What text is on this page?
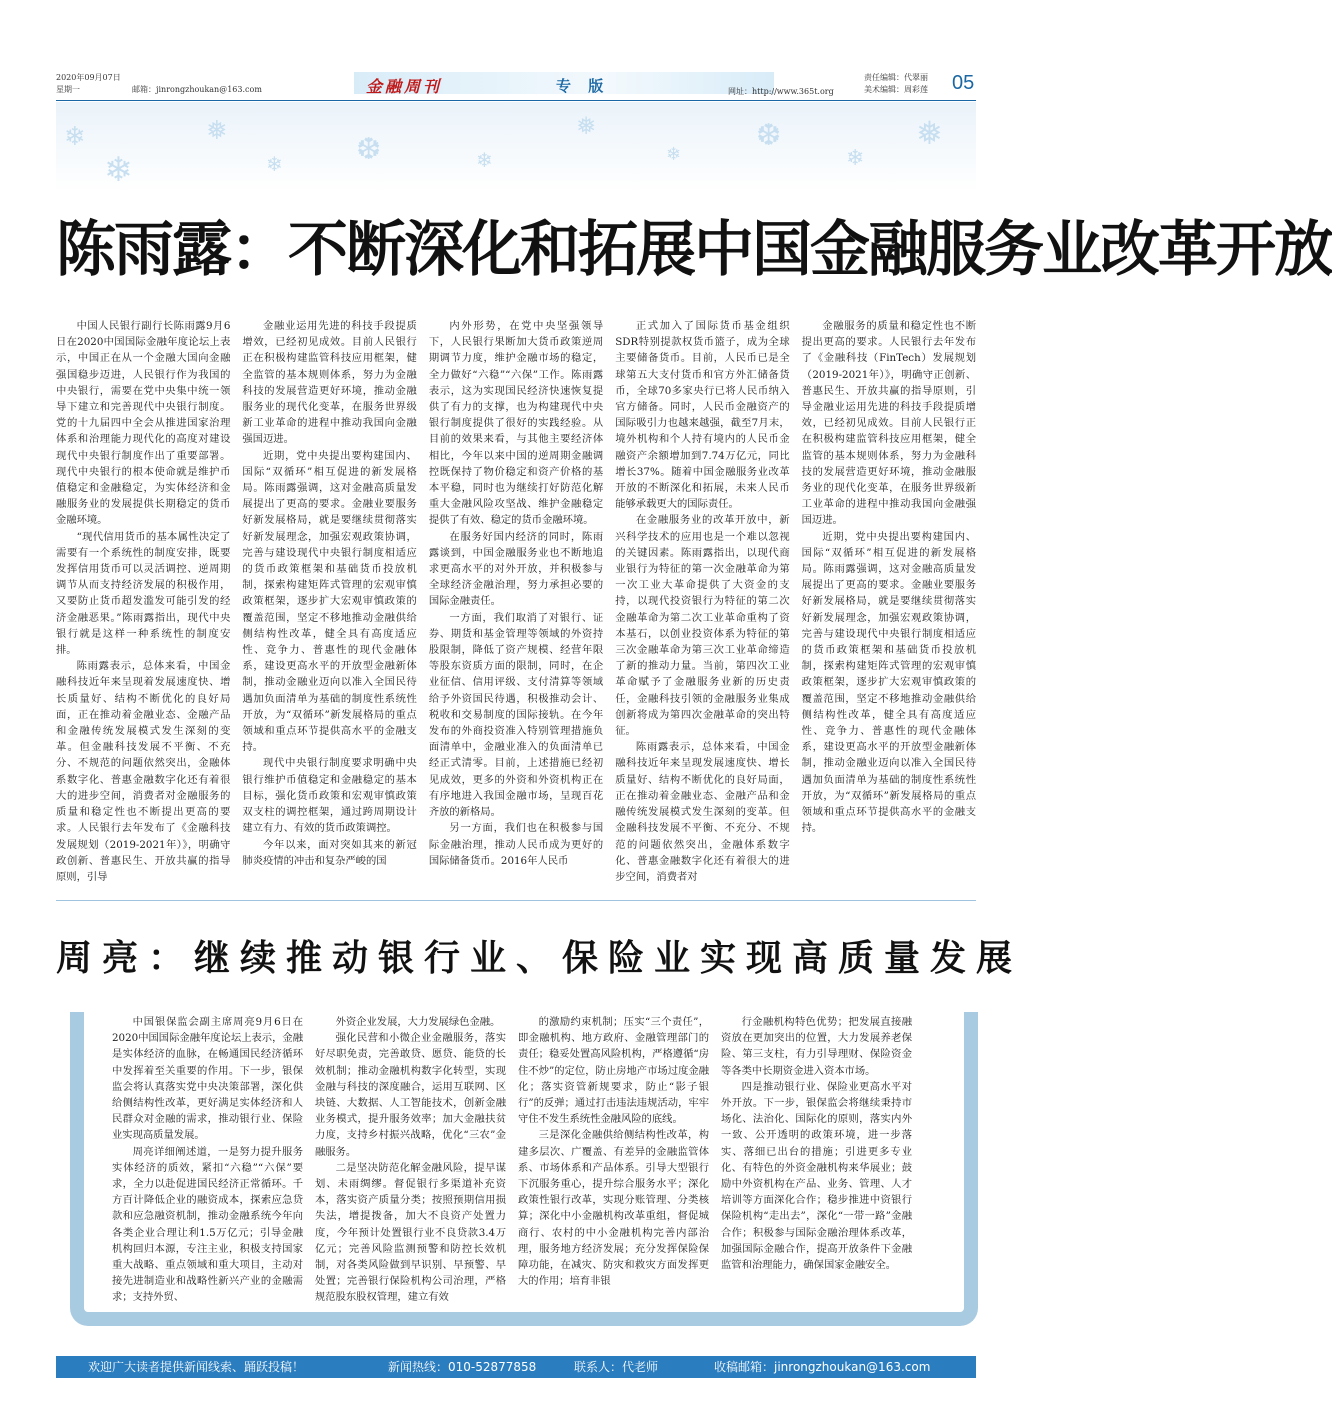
2020年09月07日
星期一	邮箱：jinrongzhoukan@163.com	金融周刊	专 版	网址：http://www.365t.org
责任编辑：代翠丽
美术编辑：周彩莲 05
❄
❄
❅
❄ ❆	❄
❅
❄
❆
❄
❅
陈雨露：不断深化和拓展中国金融服务业改革开放

中国人民银行副行长陈雨露9月6日在2020中国国际金融年度论坛上表示，中国正在从一个金融大国向金融强国稳步迈进，人民银行作为我国的中央银行，需要在党中央集中统一领导下建立和完善现代中央银行制度。党的十九届四中全会从推进国家治理体系和治理能力现代化的高度对建设现代中央银行制度作出了重要部署。现代中央银行的根本使命就是维护币值稳定和金融稳定，为实体经济和金融服务业的发展提供长期稳定的货币金融环境。

“现代信用货币的基本属性决定了需要有一个系统性的制度安排，既要发挥信用货币可以灵活调控、逆周期调节从而支持经济发展的积极作用，又要防止货币超发滥发可能引发的经济金融恶果。”陈雨露指出，现代中央银行就是这样一种系统性的制度安排。

陈雨露表示，总体来看，中国金融科技近年来呈现着发展速度快、增长质量好、结构不断优化的良好局面，正在推动着金融业态、金融产品和金融传统发展模式发生深刻的变革。但金融科技发展不平衡、不充分、不规范的问题依然突出，金融体系数字化、普惠金融数字化还有着很大的进步空间，消费者对金融服务的质量和稳定性也不断提出更高的要求。人民银行去年发布了《金融科技发展规划（2019-2021年）》，明确守政创新、普惠民生、开放共赢的指导原则，引导

金融业运用先进的科技手段提质增效，已经初见成效。目前人民银行正在积极构建监管科技应用框架，健全监管的基本规则体系，努力为金融科技的发展营造更好环境，推动金融服务业的现代化变革，在服务世界级新工业革命的进程中推动我国向金融强国迈进。

近期，党中央提出要构建国内、国际“双循环”相互促进的新发展格局。陈雨露强调，这对金融高质量发展提出了更高的要求。金融业要服务好新发展格局，就是要继续贯彻落实好新发展理念，加强宏观政策协调，完善与建设现代中央银行制度相适应的货币政策框架和基础货币投放机制，探索构建矩阵式管理的宏观审慎政策框架，逐步扩大宏观审慎政策的覆盖范围，坚定不移地推动金融供给侧结构性改革，健全具有高度适应性、竞争力、普惠性的现代金融体系，建设更高水平的开放型金融新体制，推动金融业迈向以准入全国民待遇加负面清单为基础的制度性系统性开放，为“双循环”新发展格局的重点领域和重点环节提供高水平的金融支持。

现代中央银行制度要求明确中央银行维护币值稳定和金融稳定的基本目标，强化货币政策和宏观审慎政策双支柱的调控框架，通过跨周期设计建立有力、有效的货币政策调控。

今年以来，面对突如其来的新冠肺炎疫情的冲击和复杂严峻的国

内外形势，在党中央坚强领导下，人民银行果断加大货币政策逆周期调节力度，维护金融市场的稳定，全力做好“六稳”“六保”工作。陈雨露表示，这为实现国民经济快速恢复提供了有力的支撑，也为构建现代中央银行制度提供了很好的实践经验。从目前的效果来看，与其他主要经济体相比，今年以来中国的逆周期金融调控既保持了物价稳定和资产价格的基本平稳，同时也为继续打好防范化解重大金融风险攻坚战、维护金融稳定提供了有效、稳定的货币金融环境。

在服务好国内经济的同时，陈雨露谈到，中国金融服务业也不断地追求更高水平的对外开放，并积极参与全球经济金融治理，努力承担必要的国际金融责任。

一方面，我们取消了对银行、证券、期货和基金管理等领域的外资持股限制，降低了资产规模、经营年限等股东资质方面的限制，同时，在企业征信、信用评级、支付清算等领域给予外资国民待遇，积极推动会计、税收和交易制度的国际接轨。在今年发布的外商投资准入特别管理措施负面清单中，金融业准入的负面清单已经正式清零。目前，上述措施已经初见成效，更多的外资和外资机构正在有序地进入我国金融市场，呈现百花齐放的新格局。

另一方面，我们也在积极参与国际金融治理，推动人民币成为更好的国际储备货币。2016年人民币

正式加入了国际货币基金组织SDR特别提款权货币篮子，成为全球主要储备货币。目前，人民币已是全球第五大支付货币和官方外汇储备货币，全球70多家央行已将人民币纳入官方储备。同时，人民币金融资产的国际吸引力也越来越强，截至7月末，境外机构和个人持有境内的人民币金融资产余额增加到7.74万亿元，同比增长37%。随着中国金融服务业改革开放的不断深化和拓展，未来人民币能够承载更大的国际责任。

在金融服务业的改革开放中，新兴科学技术的应用也是一个难以忽视的关键因素。陈雨露指出，以现代商业银行为特征的第一次金融革命为第一次工业大革命提供了大资金的支持，以现代投资银行为特征的第二次金融革命为第二次工业革命重构了资本基石，以创业投资体系为特征的第三次金融革命为第三次工业革命缔造了新的推动力量。当前，第四次工业革命赋予了金融服务业新的历史责任，金融科技引领的金融服务业集成创新将成为第四次金融革命的突出特征。

陈雨露表示，总体来看，中国金融科技近年来呈现发展速度快、增长质量好、结构不断优化的良好局面，正在推动着金融业态、金融产品和金融传统发展模式发生深刻的变革。但金融科技发展不平衡、不充分、不规范的问题依然突出，金融体系数字化、普惠金融数字化还有着很大的进步空间，消费者对

金融服务的质量和稳定性也不断提出更高的要求。人民银行去年发布了《金融科技（FinTech）发展规划（2019-2021年）》，明确守正创新、普惠民生、开放共赢的指导原则，引导金融业运用先进的科技手段提质增效，已经初见成效。目前人民银行正在积极构建监管科技应用框架，健全监管的基本规则体系，努力为金融科技的发展营造更好环境，推动金融服务业的现代化变革，在服务世界级新工业革命的进程中推动我国向金融强国迈进。

近期，党中央提出要构建国内、国际“双循环”相互促进的新发展格局。陈雨露强调，这对金融高质量发展提出了更高的要求。金融业要服务好新发展格局，就是要继续贯彻落实好新发展理念，加强宏观政策协调，完善与建设现代中央银行制度相适应的货币政策框架和基础货币投放机制，探索构建矩阵式管理的宏观审慎政策框架，逐步扩大宏观审慎政策的覆盖范围，坚定不移地推动金融供给侧结构性改革，健全具有高度适应性、竞争力、普惠性的现代金融体系，建设更高水平的开放型金融新体制，推动金融业迈向以准入全国民待遇加负面清单为基础的制度性系统性开放，为“双循环”新发展格局的重点领域和重点环节提供高水平的金融支持。

周亮：继续推动银行业、保险业实现高质量发展

中国银保监会副主席周亮9月6日在2020中国国际金融年度论坛上表示，金融是实体经济的血脉，在畅通国民经济循环中发挥着至关重要的作用。下一步，银保监会将认真落实党中央决策部署，深化供给侧结构性改革，更好满足实体经济和人民群众对金融的需求，推动银行业、保险业实现高质量发展。

周亮详细阐述道，一是努力提升服务实体经济的质效，紧扣“六稳”“六保”要求，全力以赴促进国民经济正常循环。千方百计降低企业的融资成本，探索应急贷款和应急融资机制，推动金融系统今年向各类企业合理让利1.5万亿元；引导金融机构回归本源，专注主业，积极支持国家重大战略、重点领域和重大项目，主动对接先进制造业和战略性新兴产业的金融需求；支持外贸、

外资企业发展，大力发展绿色金融。

强化民营和小微企业金融服务，落实好尽职免责，完善敢贷、愿贷、能贷的长效机制；推动金融机构数字化转型，实现金融与科技的深度融合，运用互联网、区块链、大数据、人工智能技术，创新金融业务模式，提升服务效率；加大金融扶贫力度，支持乡村振兴战略，优化“三农”金融服务。

二是坚决防范化解金融风险，提早谋划、未雨绸缪。督促银行多渠道补充资本，落实资产质量分类；按照预期信用损失法，增提拨备，加大不良资产处置力度，今年预计处置银行业不良贷款3.4万亿元；完善风险监测预警和防控长效机制，对各类风险做到早识别、早预警、早处置；完善银行保险机构公司治理，严格规范股东股权管理，建立有效

的激励约束机制；压实“三个责任”，即金融机构、地方政府、金融管理部门的责任；稳妥处置高风险机构，严格遵循“房住不炒”的定位，防止房地产市场过度金融化；落实资管新规要求，防止“影子银行”的反弹；通过打击违法违规活动，牢牢守住不发生系统性金融风险的底线。

三是深化金融供给侧结构性改革，构建多层次、广覆盖、有差异的金融监管体系、市场体系和产品体系。引导大型银行下沉服务重心，提升综合服务水平；深化政策性银行改革，实现分账管理、分类核算；深化中小金融机构改革重组，督促城商行、农村的中小金融机构完善内部治理，服务地方经济发展；充分发挥保险保障功能，在减灾、防灾和救灾方面发挥更大的作用；培育非银

行金融机构特色优势；把发展直接融资放在更加突出的位置，大力发展养老保险、第三支柱，有力引导理财、保险资金等各类中长期资金进入资本市场。

四是推动银行业、保险业更高水平对外开放。下一步，银保监会将继续秉持市场化、法治化、国际化的原则，落实内外一致、公开透明的政策环境，进一步落实、落细已出台的措施；引进更多专业化、有特色的外资金融机构来华展业；鼓励中外资机构在产品、业务、管理、人才培训等方面深化合作；稳步推进中资银行保险机构“走出去”，深化“一带一路”金融合作；积极参与国际金融治理体系改革，加强国际金融合作，提高开放条件下金融监管和治理能力，确保国家金融安全。

欢迎广大读者提供新闻线索、踊跃投稿！	新闻热线：010-52877858	联系人：代老师	收稿邮箱：jinrongzhoukan@163.com
